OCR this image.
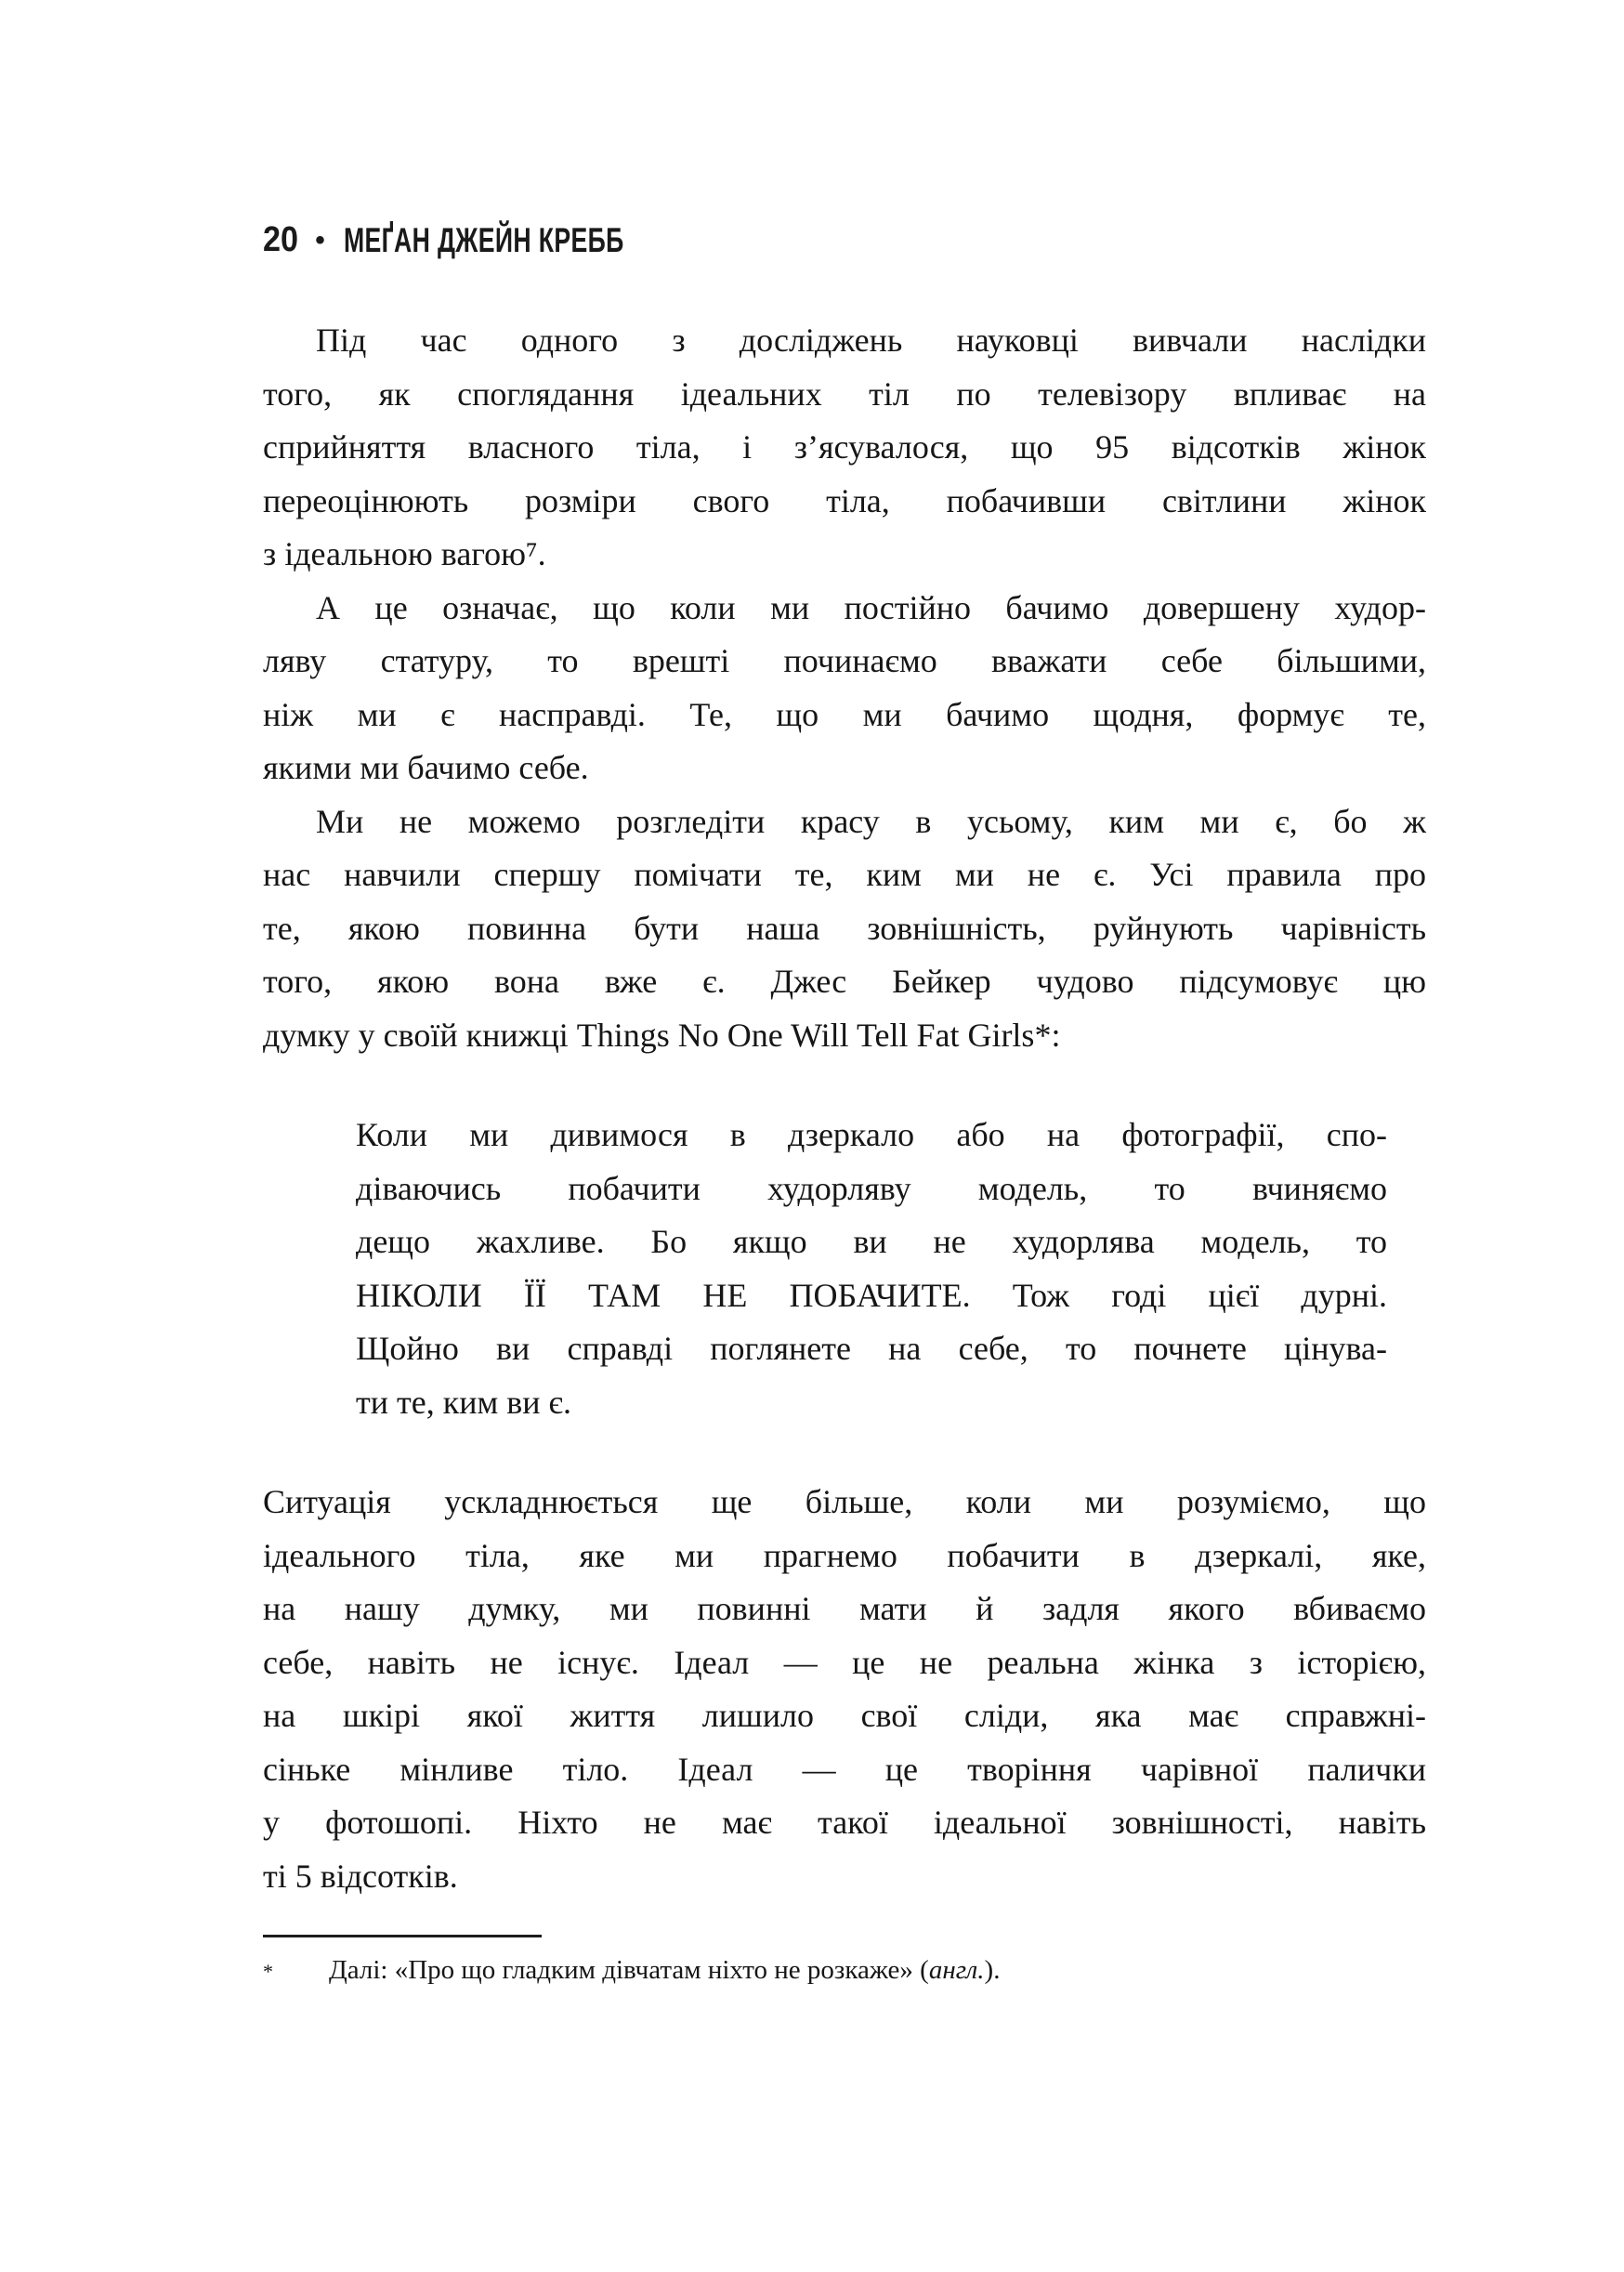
20 • МЕҐАН ДЖЕЙН КРЕББ
Під час одного з досліджень науковці вивчали наслідки
того, як споглядання ідеальних тіл по телевізору впливає на
сприйняття власного тіла, і з’ясувалося, що 95 відсотків жінок
переоцінюють розміри свого тіла, побачивши світлини жінок
з ідеальною вагою⁷.
А це означає, що коли ми постійно бачимо довершену худор-
ляву статуру, то врешті починаємо вважати себе більшими,
ніж ми є насправді. Те, що ми бачимо щодня, формує те,
якими ми бачимо себе.
Ми не можемо розгледіти красу в усьому, ким ми є, бо ж
нас навчили спершу помічати те, ким ми не є. Усі правила про
те, якою повинна бути наша зовнішність, руйнують чарівність
того, якою вона вже є. Джес Бейкер чудово підсумовує цю
думку у своїй книжці Things No One Will Tell Fat Girls*:
Коли ми дивимося в дзеркало або на фотографії, спо-
діваючись побачити худорляву модель, то вчиняємо
дещо жахливе. Бо якщо ви не худорлява модель, то
НІКОЛИ ЇЇ ТАМ НЕ ПОБАЧИТЕ. Тож годі цієї дурні.
Щойно ви справді поглянете на себе, то почнете цінува-
ти те, ким ви є.
Ситуація ускладнюється ще більше, коли ми розуміємо, що
ідеального тіла, яке ми прагнемо побачити в дзеркалі, яке,
на нашу думку, ми повинні мати й задля якого вбиваємо
себе, навіть не існує. Ідеал — це не реальна жінка з історією,
на шкірі якої життя лишило свої сліди, яка має справжні-
сіньке мінливе тіло. Ідеал — це творіння чарівної палички
у фотошопі. Ніхто не має такої ідеальної зовнішності, навіть
ті 5 відсотків.
*	Далі: «Про що гладким дівчатам ніхто не розкаже» (англ.).
